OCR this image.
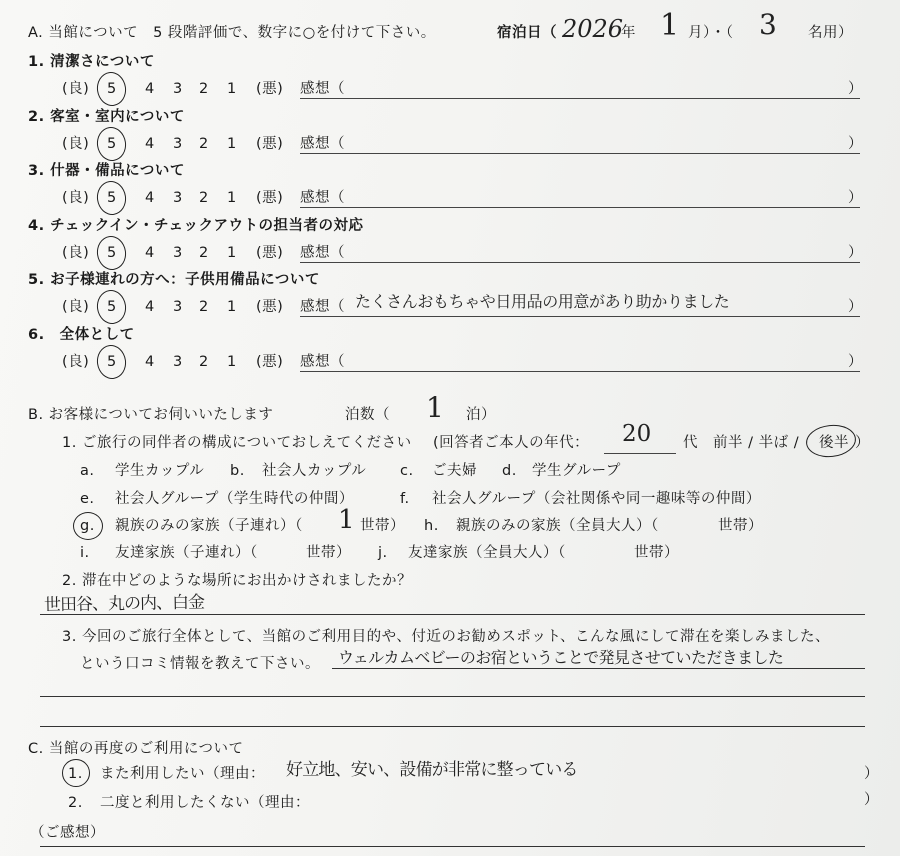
A. 当館について　5 段階評価で、数字に○を付けて下さい。	宿泊日（ 2026
年 1 月）・（ 3 名用）
1. 清潔さについて
(良) 5 4 3 2 1 (悪) 感想（	）
2. 客室・室内について
(良) 5 4 3 2 1 (悪) 感想（	）
3. 什器・備品について
(良) 5 4 3 2 1 (悪) 感想（	）
4. チェックイン・チェックアウトの担当者の対応
(良) 5 4 3 2 1 (悪) 感想（	）
5. お子様連れの方へ：子供用備品について
(良) 5 4 3 2 1 (悪) 感想（ たくさんおもちゃや日用品の用意があり助かりました	）
6.　全体として
(良) 5 4 3 2 1 (悪) 感想（	）
B. お客様についてお伺いいたします	泊数（ 1 泊）
1. ご旅行の同伴者の構成についておしえてください (回答者ご本人の年代： 20 代　前半 / 半ば / 後半 ）
a. 学生カップル b. 社会人カップル c. ご夫婦 d. 学生グループ
e. 社会人グループ（学生時代の仲間）	f. 社会人グループ（会社関係や同一趣味等の仲間）
g. 親族のみの家族（子連れ）（ 1 世帯） h. 親族のみの家族（全員大人）（	世帯）
i. 友達家族（子連れ）（	世帯） j. 友達家族（全員大人）（	世帯）
2. 滞在中どのような場所にお出かけされましたか？
世田谷、丸の内、白金
3. 今回のご旅行全体として、当館のご利用目的や、付近のお勧めスポット、こんな風にして滞在を楽しみました、
という口コミ情報を教えて下さい。 ウェルカムベビーのお宿ということで発見させていただきました
C. 当館の再度のご利用について
1. また利用したい（理由： 好立地、安い、設備が非常に整っている	）
2. 二度と利用したくない（理由：	）
（ご感想）
